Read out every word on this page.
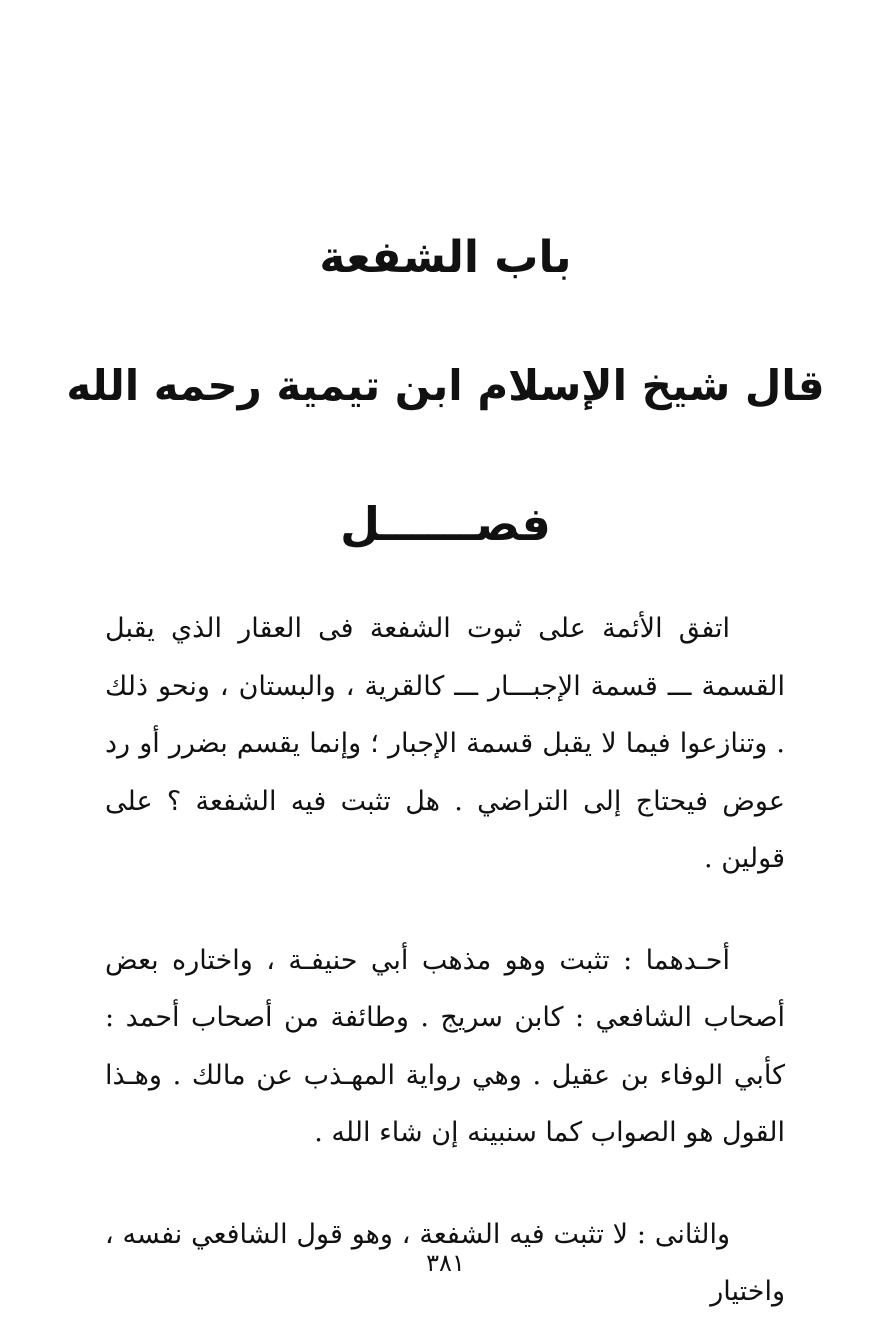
باب الشفعة
قال شيخ الإسلام ابن تيمية رحمه الله
فصــــــل

اتفق الأئمة على ثبوت الشفعة فى العقار الذي يقبل القسمة ـــ قسمة الإجبـــار ـــ كالقرية ، والبستان ، ونحو ذلك . وتنازعوا فيما لا يقبل قسمة الإجبار ؛ وإنما يقسم بضرر أو رد عوض فيحتاج إلى التراضي . هل تثبت فيه الشفعة ؟ على قولين .

أحـدهما : تثبت وهو مذهب أبي حنيفـة ، واختاره بعض أصحاب الشافعي : كابن سريج . وطائفة من أصحاب أحمد : كأبي الوفاء بن عقيل . وهي رواية المهـذب عن مالك . وهـذا القول هو الصواب كما سنبينه إن شاء الله .

والثانى : لا تثبت فيه الشفعة ، وهو قول الشافعي نفسه ، واختيار

٣٨١
